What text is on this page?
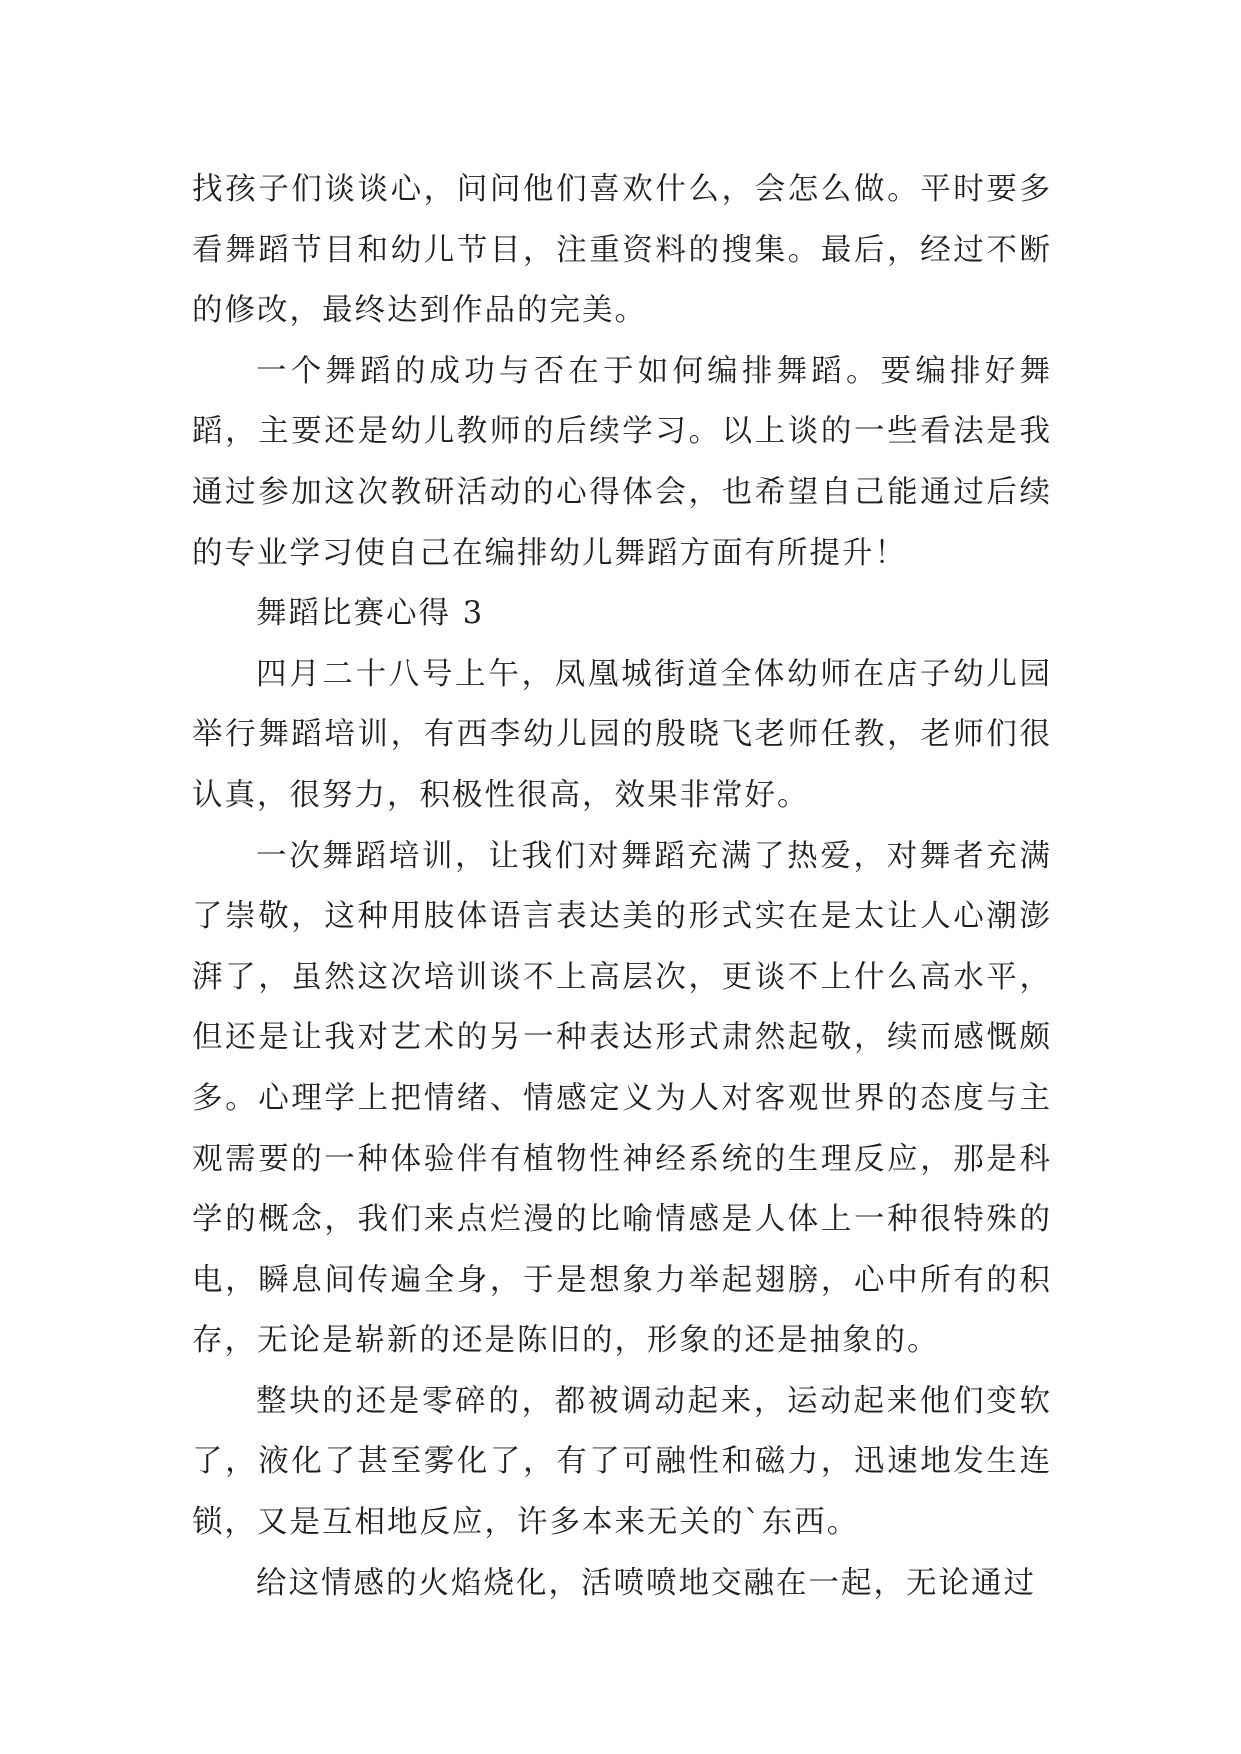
找孩子们谈谈心，问问他们喜欢什么，会怎么做。平时要多看舞蹈节目和幼儿节目，注重资料的搜集。最后，经过不断的修改，最终达到作品的完美。

一个舞蹈的成功与否在于如何编排舞蹈。要编排好舞蹈，主要还是幼儿教师的后续学习。以上谈的一些看法是我通过参加这次教研活动的心得体会，也希望自己能通过后续的专业学习使自己在编排幼儿舞蹈方面有所提升！

舞蹈比赛心得 3

四月二十八号上午，凤凰城街道全体幼师在店子幼儿园举行舞蹈培训，有西李幼儿园的殷晓飞老师任教，老师们很认真，很努力，积极性很高，效果非常好。

一次舞蹈培训，让我们对舞蹈充满了热爱，对舞者充满了崇敬，这种用肢体语言表达美的形式实在是太让人心潮澎湃了，虽然这次培训谈不上高层次，更谈不上什么高水平，但还是让我对艺术的另一种表达形式肃然起敬，续而感慨颇多。心理学上把情绪、情感定义为人对客观世界的态度与主观需要的一种体验伴有植物性神经系统的生理反应，那是科学的概念，我们来点烂漫的比喻情感是人体上一种很特殊的电，瞬息间传遍全身，于是想象力举起翅膀，心中所有的积存，无论是崭新的还是陈旧的，形象的还是抽象的。

整块的还是零碎的，都被调动起来，运动起来他们变软了，液化了甚至雾化了，有了可融性和磁力，迅速地发生连锁，又是互相地反应，许多本来无关的`东西。

给这情感的火焰烧化，活喷喷地交融在一起，无论通过
